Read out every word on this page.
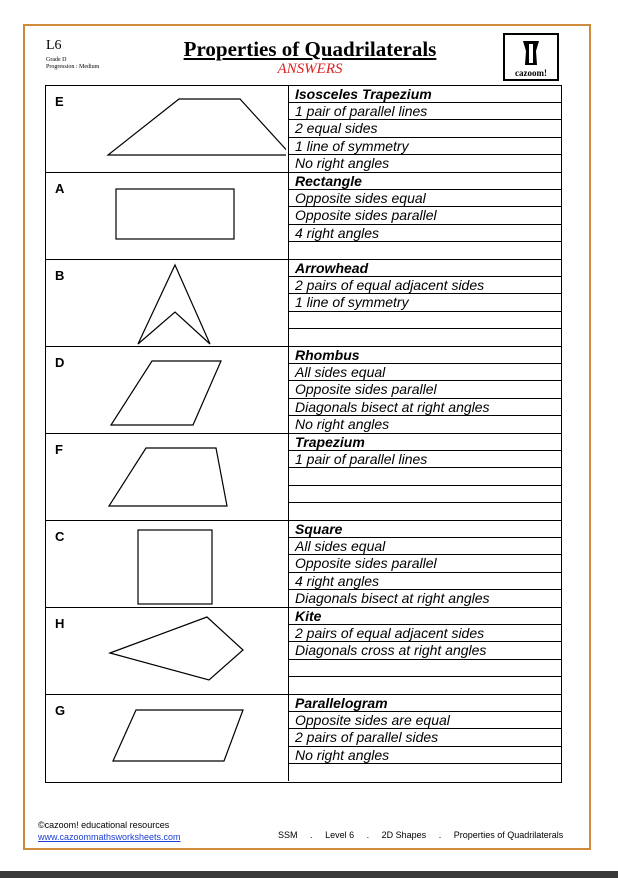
L6
Grade D
Progression : Medium
Properties of Quadrilaterals
ANSWERS	cazoom!
E	Isosceles Trapezium
1 pair of parallel lines
2 equal sides
1 line of symmetry
No right angles
A	Rectangle
Opposite sides equal
Opposite sides parallel
4 right angles
B	Arrowhead
2 pairs of equal adjacent sides
1 line of symmetry
D	Rhombus
All sides equal
Opposite sides parallel
Diagonals bisect at right angles
No right angles
F	Trapezium
1 pair of parallel lines
C	Square
All sides equal
Opposite sides parallel
4 right angles
Diagonals bisect at right angles
H	Kite
2 pairs of equal adjacent sides
Diagonals cross at right angles
G	Parallelogram
Opposite sides are equal
2 pairs of parallel sides
No right angles
©cazoom! educational resources
www.cazoommathsworksheets.com	SSM . Level 6 . 2D Shapes . Properties of Quadrilaterals
